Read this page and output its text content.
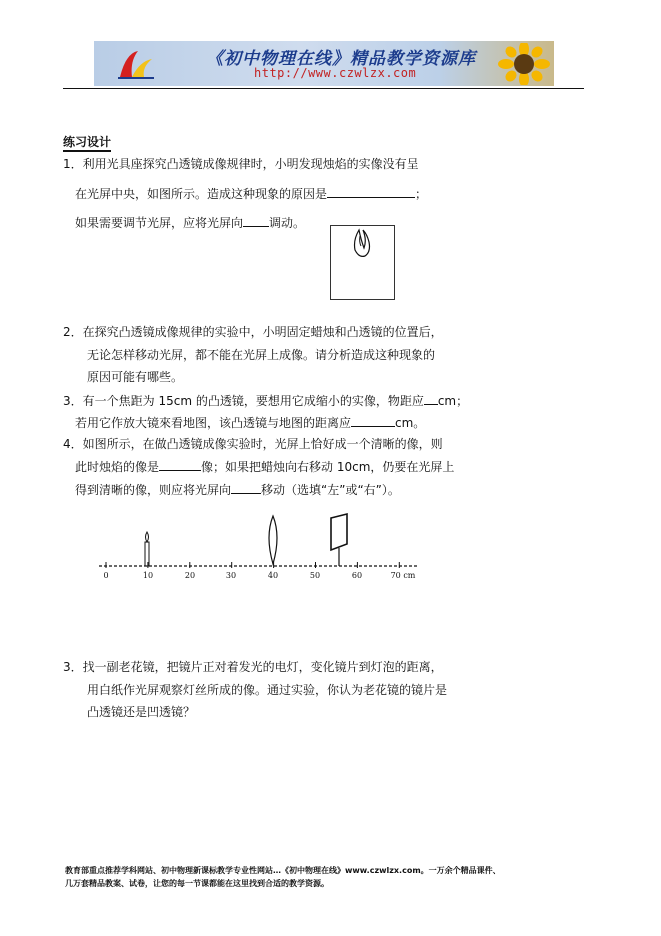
《初中物理在线》精品教学资源库
http://www.czwlzx.com
练习设计
1．利用光具座探究凸透镜成像规律时，小明发现烛焰的实像没有呈
在光屏中央，如图所示。造成这种现象的原因是	；
如果需要调节光屏，应将光屏向 调动。
2．在探究凸透镜成像规律的实验中，小明固定蜡烛和凸透镜的位置后，
无论怎样移动光屏，都不能在光屏上成像。请分析造成这种现象的
原因可能有哪些。
3．有一个焦距为 15cm 的凸透镜，要想用它成缩小的实像，物距应 cm；
若用它作放大镜來看地图，该凸透镜与地图的距离应	cm。
4．如图所示，在做凸透镜成像实验时，光屏上恰好成一个清晰的像，则
此时烛焰的像是	像；如果把蜡烛向右移动 10cm，仍要在光屏上
得到清晰的像，则应将光屏向	移动（选填“左”或“右”）。
0	10	20	30	40	50	60	70 cm
3．找一副老花镜，把镜片正对着发光的电灯，变化镜片到灯泡的距离，
用白纸作光屏观察灯丝所成的像。通过实验，你认为老花镜的镜片是
凸透镜还是凹透镜？
教育部重点推荐学科网站、初中物理新课标教学专业性网站…《初中物理在线》www.czwlzx.com。一万余个精品课件、
几万套精品教案、试卷，让您的每一节课都能在这里找到合适的教学资源。
